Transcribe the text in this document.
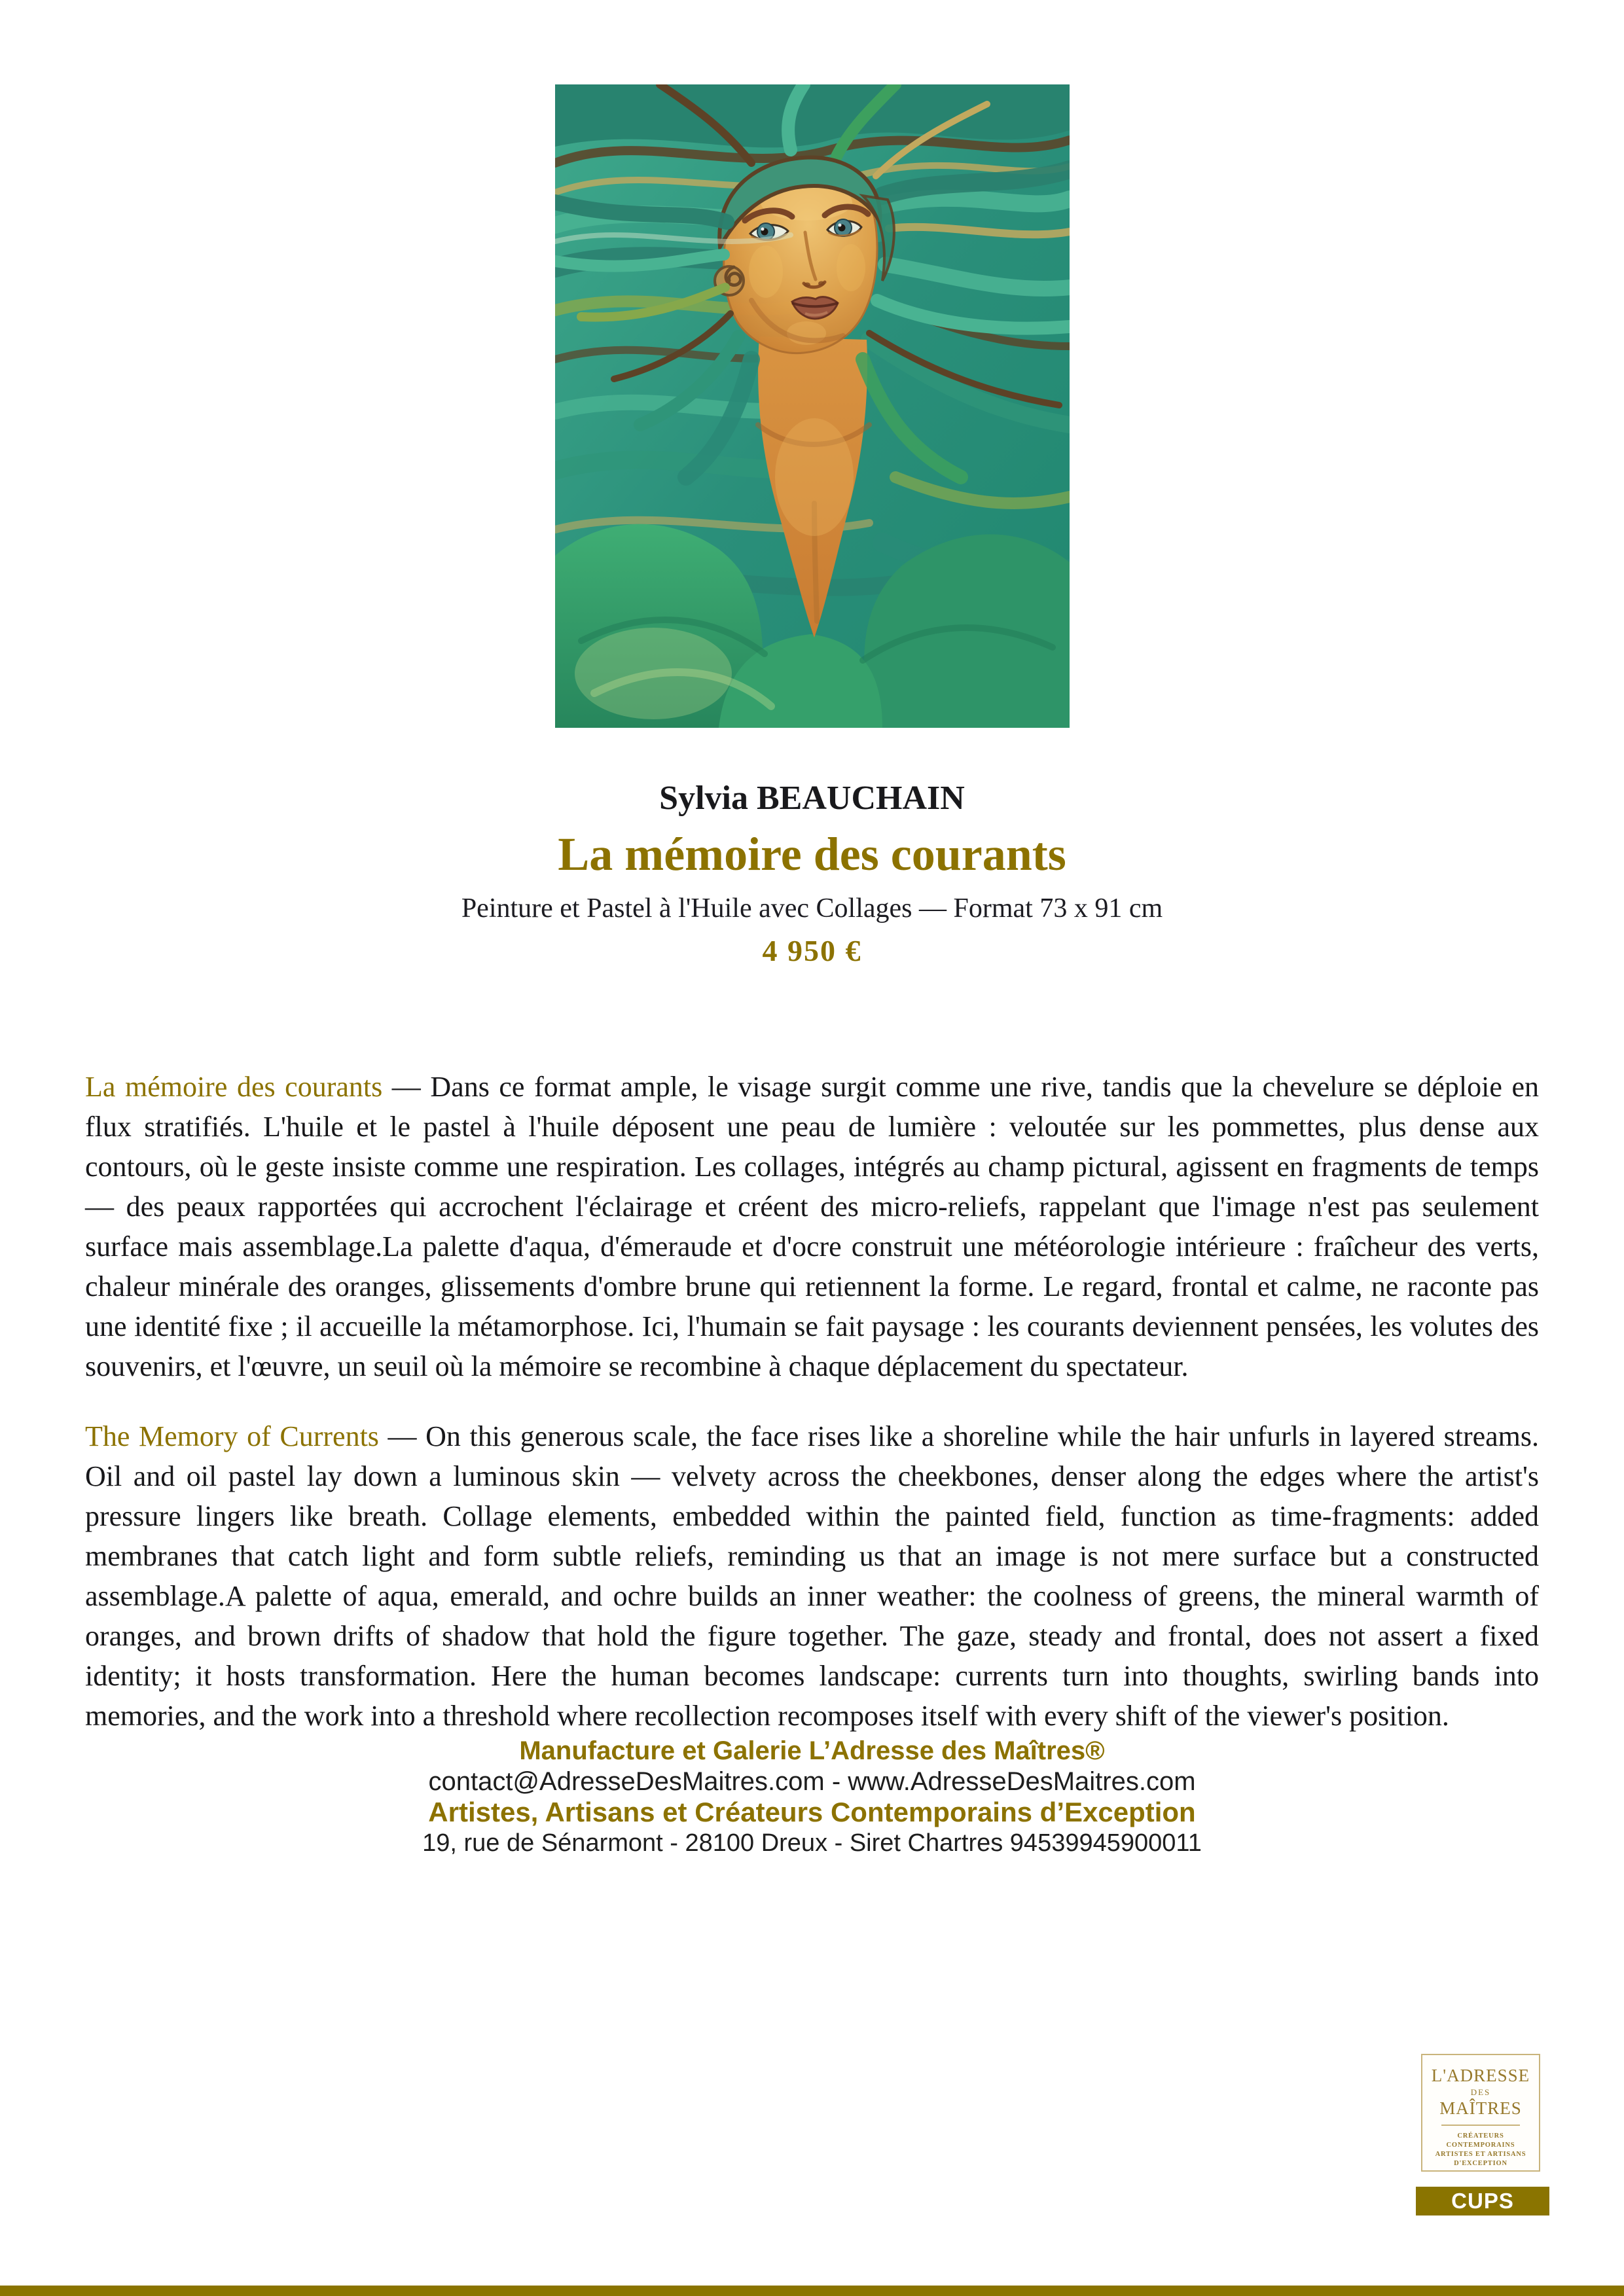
Sylvia BEAUCHAIN
La mémoire des courants
Peinture et Pastel à l'Huile avec Collages — Format 73 x 91 cm
4 950 €

La mémoire des courants — Dans ce format ample, le visage surgit comme une rive, tandis que la chevelure se déploie en flux stratifiés. L'huile et le pastel à l'huile déposent une peau de lumière : veloutée sur les pommettes, plus dense aux contours, où le geste insiste comme une respiration. Les collages, intégrés au champ pictural, agissent en fragments de temps — des peaux rapportées qui accrochent l'éclairage et créent des micro-reliefs, rappelant que l'image n'est pas seulement surface mais assemblage.La palette d'aqua, d'émeraude et d'ocre construit une météorologie intérieure : fraîcheur des verts, chaleur minérale des oranges, glissements d'ombre brune qui retiennent la forme. Le regard, frontal et calme, ne raconte pas une identité fixe ; il accueille la métamorphose. Ici, l'humain se fait paysage : les courants deviennent pensées, les volutes des souvenirs, et l'œuvre, un seuil où la mémoire se recombine à chaque déplacement du spectateur.

The Memory of Currents — On this generous scale, the face rises like a shoreline while the hair unfurls in layered streams. Oil and oil pastel lay down a luminous skin — velvety across the cheekbones, denser along the edges where the artist's pressure lingers like breath. Collage elements, embedded within the painted field, function as time-fragments: added membranes that catch light and form subtle reliefs, reminding us that an image is not mere surface but a constructed assemblage.A palette of aqua, emerald, and ochre builds an inner weather: the coolness of greens, the mineral warmth of oranges, and brown drifts of shadow that hold the figure together. The gaze, steady and frontal, does not assert a fixed identity; it hosts transformation. Here the human becomes landscape: currents turn into thoughts, swirling bands into memories, and the work into a threshold where recollection recomposes itself with every shift of the viewer's position.

Manufacture et Galerie L’Adresse des Maîtres®
contact@AdresseDesMaitres.com - www.AdresseDesMaitres.com
Artistes, Artisans et Créateurs Contemporains d’Exception
19, rue de Sénarmont - 28100 Dreux - Siret Chartres 94539945900011
L'ADRESSE
DES
MAÎTRES
CRÉATEURS CONTEMPORAINS
ARTISTES ET ARTISANS
D'EXCEPTION
CUPS
